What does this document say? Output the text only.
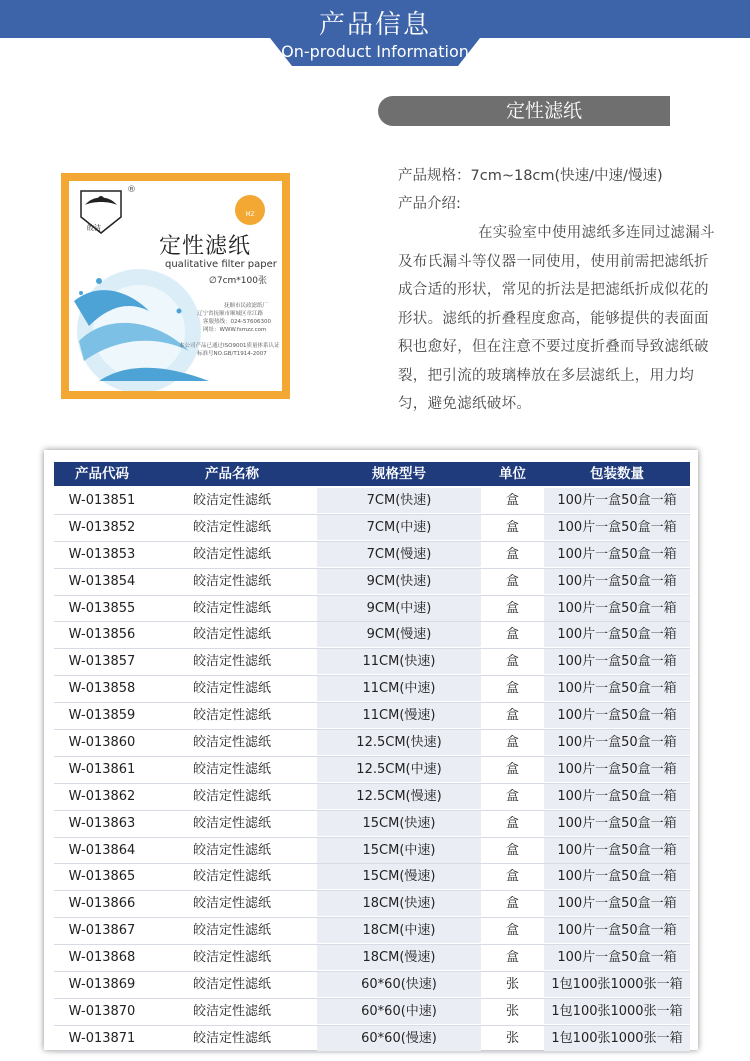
产品信息
On-product Information
定性滤纸
皎洁
®
MZ
定性滤纸
qualitative filter paper
∅7cm*100张
抚顺市民政滤纸厂
辽宁省抚顺市顺城区章江路
客服热线：024-57606300
网址：WWW.fsmzz.com
本公司产品已通过ISO9001质量体系认证
标准号NO.GB/T1914-2007
产品规格：7cm~18cm(快速/中速/慢速)
产品介绍:
在实验室中使用滤纸多连同过滤漏斗及布氏漏斗等仪器一同使用，使用前需把滤纸折成合适的形状，常见的折法是把滤纸折成似花的形状。滤纸的折叠程度愈高，能够提供的表面面积也愈好，但在注意不要过度折叠而导致滤纸破裂，把引流的玻璃棒放在多层滤纸上，用力均匀，避免滤纸破坏。
产品代码	产品名称	规格型号	单位	包装数量
W-013851	皎洁定性滤纸	7CM(快速)	盒	100片一盒50盒一箱
W-013852	皎洁定性滤纸	7CM(中速)	盒	100片一盒50盒一箱
W-013853	皎洁定性滤纸	7CM(慢速)	盒	100片一盒50盒一箱
W-013854	皎洁定性滤纸	9CM(快速)	盒	100片一盒50盒一箱
W-013855	皎洁定性滤纸	9CM(中速)	盒	100片一盒50盒一箱
W-013856	皎洁定性滤纸	9CM(慢速)	盒	100片一盒50盒一箱
W-013857	皎洁定性滤纸	11CM(快速)	盒	100片一盒50盒一箱
W-013858	皎洁定性滤纸	11CM(中速)	盒	100片一盒50盒一箱
W-013859	皎洁定性滤纸	11CM(慢速)	盒	100片一盒50盒一箱
W-013860	皎洁定性滤纸	12.5CM(快速)	盒	100片一盒50盒一箱
W-013861	皎洁定性滤纸	12.5CM(中速)	盒	100片一盒50盒一箱
W-013862	皎洁定性滤纸	12.5CM(慢速)	盒	100片一盒50盒一箱
W-013863	皎洁定性滤纸	15CM(快速)	盒	100片一盒50盒一箱
W-013864	皎洁定性滤纸	15CM(中速)	盒	100片一盒50盒一箱
W-013865	皎洁定性滤纸	15CM(慢速)	盒	100片一盒50盒一箱
W-013866	皎洁定性滤纸	18CM(快速)	盒	100片一盒50盒一箱
W-013867	皎洁定性滤纸	18CM(中速)	盒	100片一盒50盒一箱
W-013868	皎洁定性滤纸	18CM(慢速)	盒	100片一盒50盒一箱
W-013869	皎洁定性滤纸	60*60(快速)	张	1包100张1000张一箱
W-013870	皎洁定性滤纸	60*60(中速)	张	1包100张1000张一箱
W-013871	皎洁定性滤纸	60*60(慢速)	张	1包100张1000张一箱
